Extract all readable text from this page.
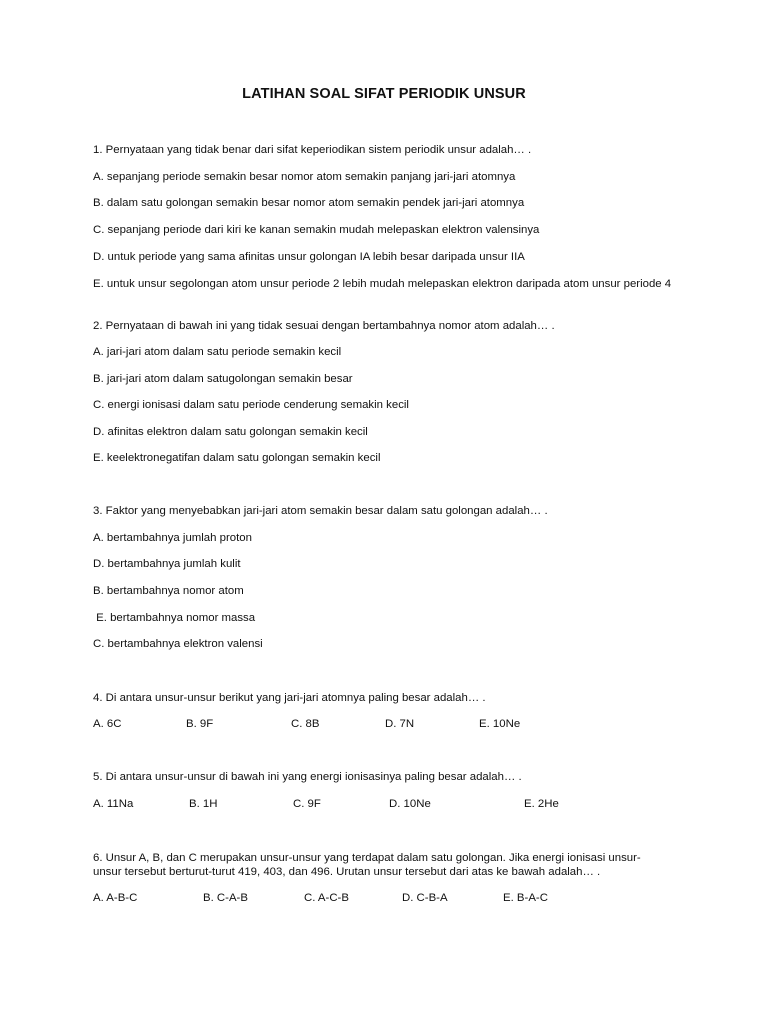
LATIHAN SOAL SIFAT PERIODIK UNSUR
1. Pernyataan yang tidak benar dari sifat keperiodikan sistem periodik unsur adalah… .
A. sepanjang periode semakin besar nomor atom semakin panjang jari-jari atomnya
B. dalam satu golongan semakin besar nomor atom semakin pendek jari-jari atomnya
C. sepanjang periode dari kiri ke kanan semakin mudah melepaskan elektron valensinya
D. untuk periode yang sama afinitas unsur golongan IA lebih besar daripada unsur IIA
E. untuk unsur segolongan atom unsur periode 2 lebih mudah melepaskan elektron daripada atom unsur periode 4
2. Pernyataan di bawah ini yang tidak sesuai dengan bertambahnya nomor atom adalah… .
A. jari-jari atom dalam satu periode semakin kecil
B. jari-jari atom dalam satugolongan semakin besar
C. energi ionisasi dalam satu periode cenderung semakin kecil
D. afinitas elektron dalam satu golongan semakin kecil
E. keelektronegatifan dalam satu golongan semakin kecil
3. Faktor yang menyebabkan jari-jari atom semakin besar dalam satu golongan adalah… .
A. bertambahnya jumlah proton
D. bertambahnya jumlah kulit
B. bertambahnya nomor atom
E. bertambahnya nomor massa
C. bertambahnya elektron valensi
4. Di antara unsur-unsur berikut yang jari-jari atomnya paling besar adalah… .
A. 6C	B. 9F	C. 8B	D. 7N	E. 10Ne
5. Di antara unsur-unsur di bawah ini yang energi ionisasinya paling besar adalah… .
A. 11Na	B. 1H	C. 9F	D. 10Ne	E. 2He
6. Unsur A, B, dan C merupakan unsur-unsur yang terdapat dalam satu golongan. Jika energi ionisasi unsur-unsur tersebut berturut-turut 419, 403, dan 496. Urutan unsur tersebut dari atas ke bawah adalah… .
A. A-B-C	B. C-A-B	C. A-C-B	D. C-B-A	E. B-A-C
